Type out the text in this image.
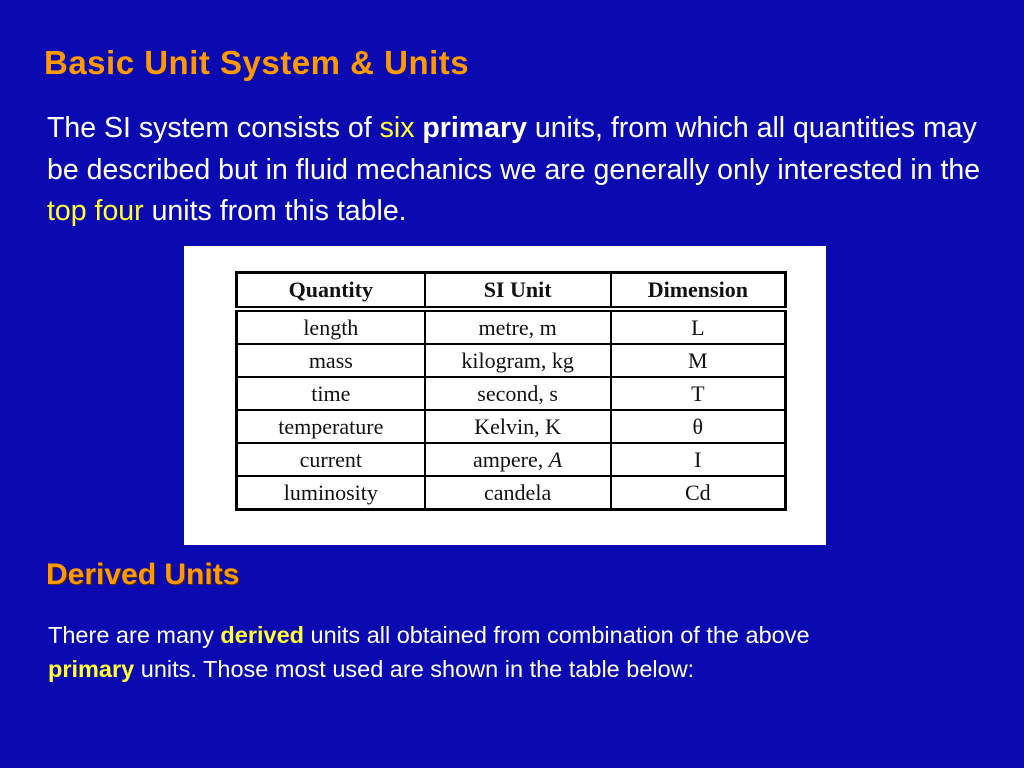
Basic Unit System & Units
The SI system consists of six primary units, from which all quantities may be described but in fluid mechanics we are generally only interested in the top four units from this table.
Quantity	SI Unit	Dimension
length	metre, m	L
mass	kilogram, kg	M
time	second, s	T
temperature	Kelvin, K	θ
current	ampere, A	I
luminosity	candela	Cd
Derived Units
There are many derived units all obtained from combination of the above
primary units. Those most used are shown in the table below:
